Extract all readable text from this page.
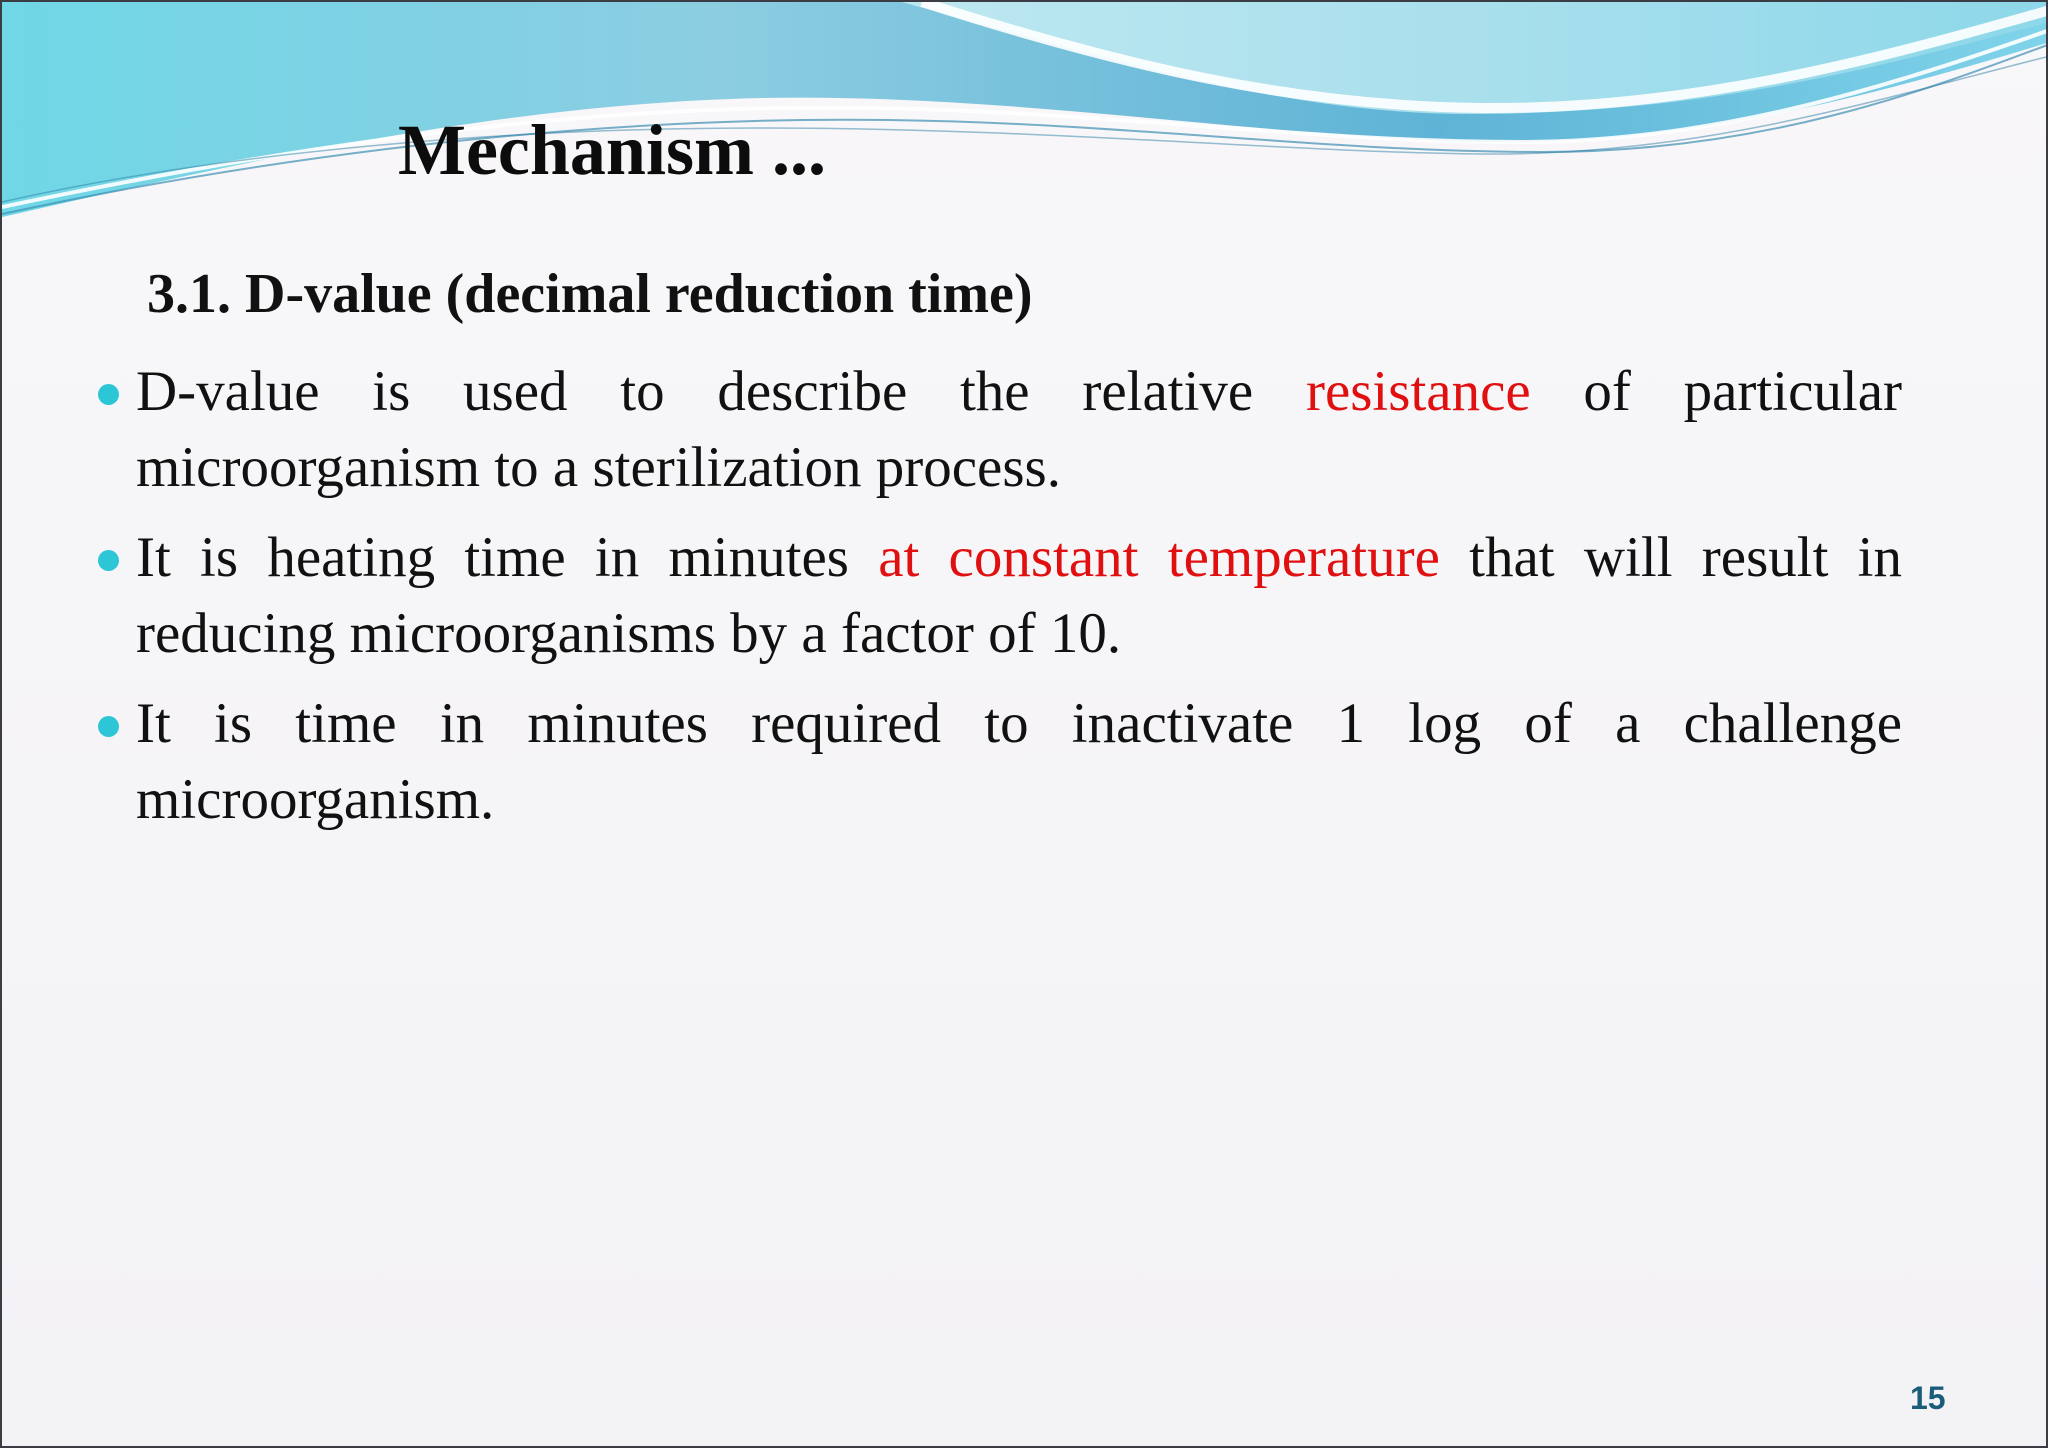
Mechanism ...
3.1. D-value (decimal reduction time)
D-value is used to describe the relative resistance of particular microorganism to a sterilization process.
It is heating time in minutes at constant temperature that will result in reducing microorganisms by a factor of 10.
It is time in minutes required to inactivate 1 log of a challenge microorganism.
15
